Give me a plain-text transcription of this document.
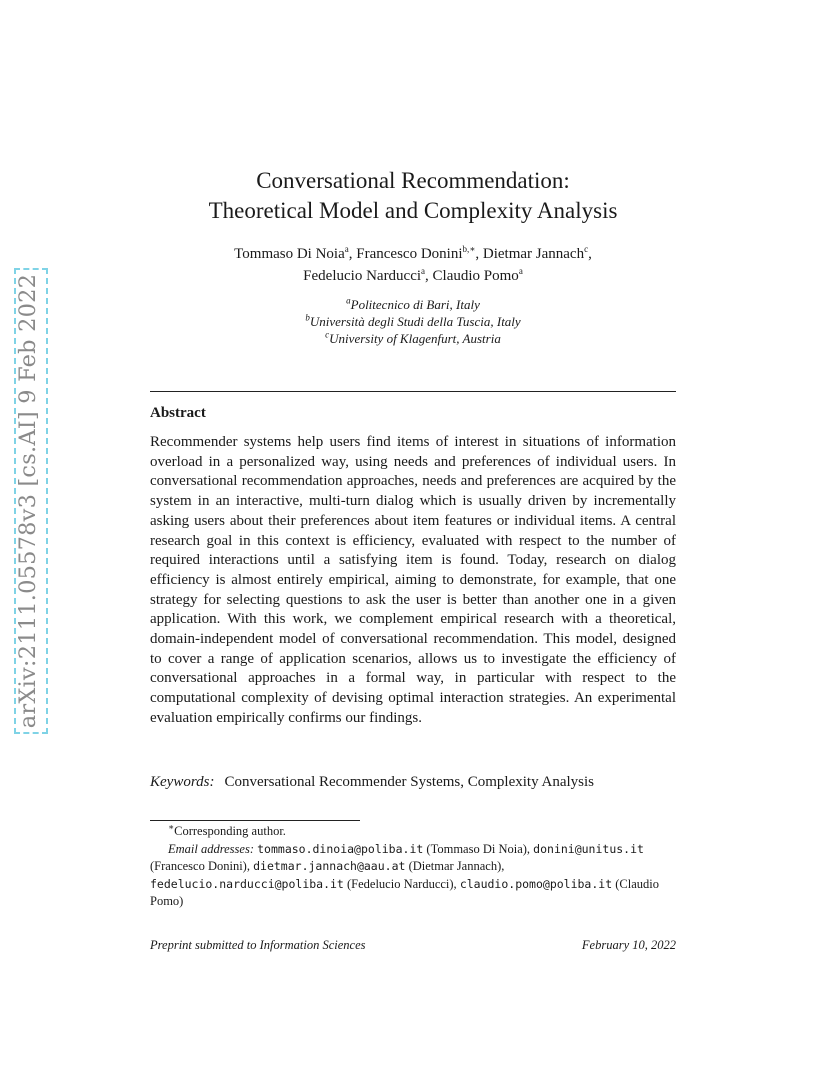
arXiv:2111.05578v3 [cs.AI] 9 Feb 2022
Conversational Recommendation:
Theoretical Model and Complexity Analysis
Tommaso Di Noia$^a$, Francesco Donini$^{b,∗}$, Dietmar Jannach$^c$,
Fedelucio Narducci$^a$, Claudio Pomo$^a$
$^a$Politecnico di Bari, Italy
$^b$Università degli Studi della Tuscia, Italy
$^c$University of Klagenfurt, Austria
Abstract
Recommender systems help users find items of interest in situations of information overload in a personalized way, using needs and preferences of individual users. In conversational recommendation approaches, needs and preferences are acquired by the system in an interactive, multi-turn dialog which is usually driven by incrementally asking users about their preferences about item features or individual items. A central research goal in this context is efficiency, evaluated with respect to the number of required interactions until a satisfying item is found. Today, research on dialog efficiency is almost entirely empirical, aiming to demonstrate, for example, that one strategy for selecting questions to ask the user is better than another one in a given application. With this work, we complement empirical research with a theoretical, domain-independent model of conversational recommendation. This model, designed to cover a range of application scenarios, allows us to investigate the efficiency of conversational approaches in a formal way, in particular with respect to the computational complexity of devising optimal interaction strategies. An experimental evaluation empirically confirms our findings.
Keywords: Conversational Recommender Systems, Complexity Analysis
∗Corresponding author.
Email addresses: tommaso.dinoia@poliba.it (Tommaso Di Noia), donini@unitus.it (Francesco Donini), dietmar.jannach@aau.at (Dietmar Jannach), fedelucio.narducci@poliba.it (Fedelucio Narducci), claudio.pomo@poliba.it (Claudio Pomo)
Preprint submitted to Information Sciences	February 10, 2022
